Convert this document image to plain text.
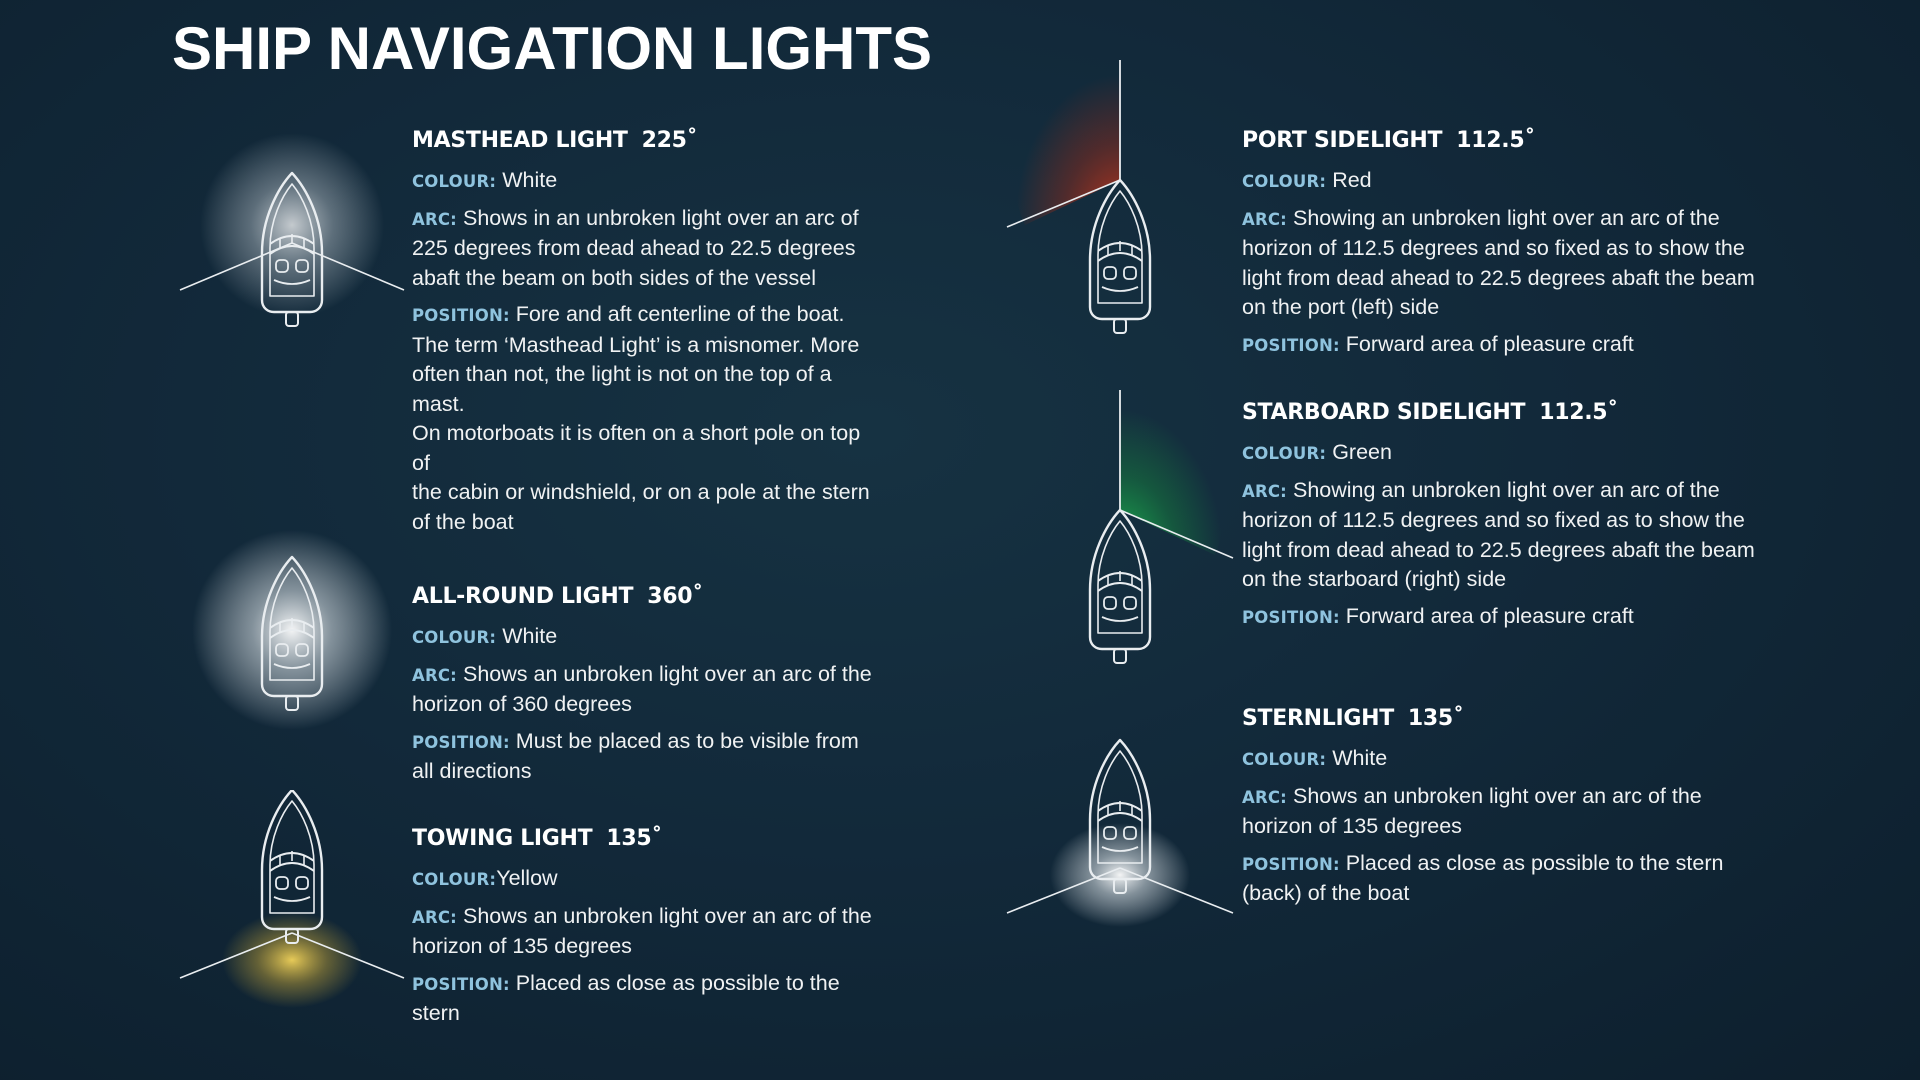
SHIP NAVIGATION LIGHTS
MASTHEAD LIGHT 225˚
COLOUR: White
ARC: Shows in an unbroken light over an arc of 225 degrees from dead ahead to 22.5 degrees abaft the beam on both sides of the vessel
POSITION: Fore and aft centerline of the boat.
The term ‘Masthead Light’ is a misnomer. More often than not, the light is not on the top of a mast.
On motorboats it is often on a short pole on top of
the cabin or windshield, or on a pole at the stern of the boat
ALL-ROUND LIGHT 360˚
COLOUR: White
ARC: Shows an unbroken light over an arc of the horizon of 360 degrees
POSITION: Must be placed as to be visible from all directions
TOWING LIGHT 135˚
COLOUR:Yellow
ARC: Shows an unbroken light over an arc of the horizon of 135 degrees
POSITION: Placed as close as possible to the stern
PORT SIDELIGHT 112.5˚
COLOUR: Red
ARC: Showing an unbroken light over an arc of the horizon of 112.5 degrees and so fixed as to show the light from dead ahead to 22.5 degrees abaft the beam on the port (left) side
POSITION: Forward area of pleasure craft
STARBOARD SIDELIGHT 112.5˚
COLOUR: Green
ARC: Showing an unbroken light over an arc of the horizon of 112.5 degrees and so fixed as to show the light from dead ahead to 22.5 degrees abaft the beam
on the starboard (right) side
POSITION: Forward area of pleasure craft
STERNLIGHT 135˚
COLOUR: White
ARC: Shows an unbroken light over an arc of the horizon of 135 degrees
POSITION: Placed as close as possible to the stern (back) of the boat
